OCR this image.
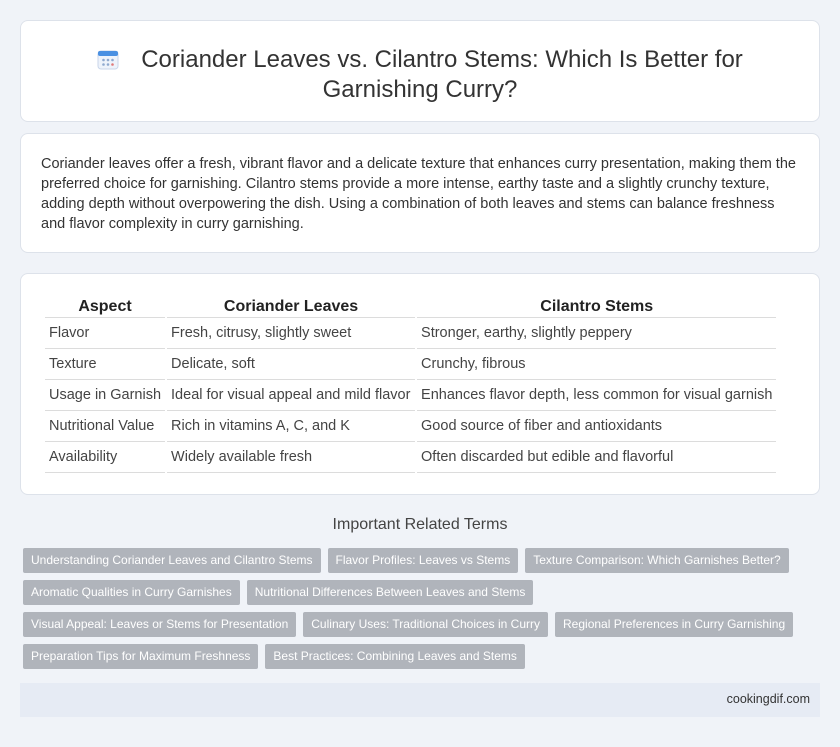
Coriander Leaves vs. Cilantro Stems: Which Is Better for
Garnishing Curry?

Coriander leaves offer a fresh, vibrant flavor and a delicate texture that enhances curry presentation, making them the preferred choice for garnishing. Cilantro stems provide a more intense, earthy taste and a slightly crunchy texture, adding depth without overpowering the dish. Using a combination of both leaves and stems can balance freshness and flavor complexity in curry garnishing.

Aspect	Coriander Leaves	Cilantro Stems
Flavor	Fresh, citrusy, slightly sweet	Stronger, earthy, slightly peppery
Texture	Delicate, soft	Crunchy, fibrous
Usage in Garnish	Ideal for visual appeal and mild flavor	Enhances flavor depth, less common for visual garnish
Nutritional Value	Rich in vitamins A, C, and K	Good source of fiber and antioxidants
Availability	Widely available fresh	Often discarded but edible and flavorful
Important Related Terms
Understanding Coriander Leaves and Cilantro Stems	Flavor Profiles: Leaves vs Stems	Texture Comparison: Which Garnishes Better?
Aromatic Qualities in Curry Garnishes	Nutritional Differences Between Leaves and Stems
Visual Appeal: Leaves or Stems for Presentation	Culinary Uses: Traditional Choices in Curry	Regional Preferences in Curry Garnishing
Preparation Tips for Maximum Freshness	Best Practices: Combining Leaves and Stems
cookingdif.com
